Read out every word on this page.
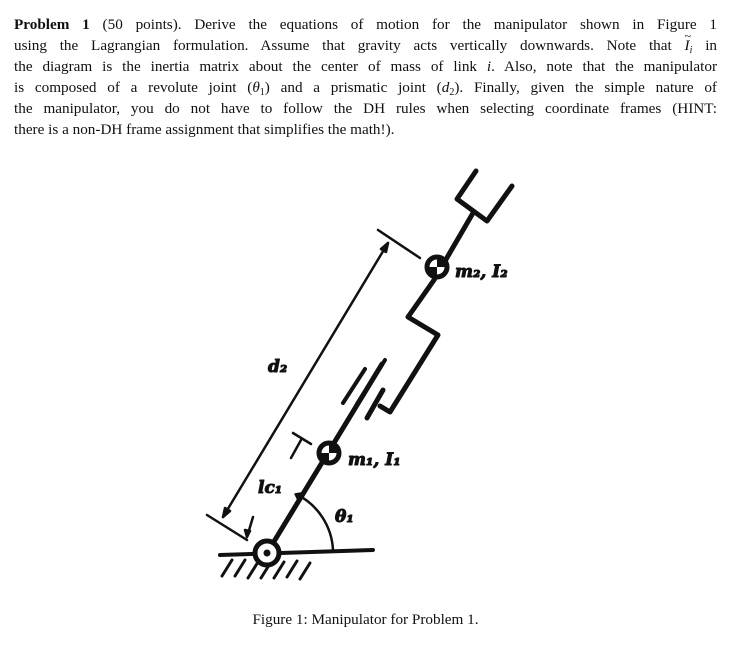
Problem 1 (50 points). Derive the equations of motion for the manipulator shown in Figure 1
using the Lagrangian formulation. Assume that gravity acts vertically downwards. Note that $I_i$ ~ in
the diagram is the inertia matrix about the center of mass of link i. Also, note that the manipulator
is composed of a revolute joint $(\theta_1)$ and a prismatic joint $(d_2)$. Finally, given the simple nature of
the manipulator, you do not have to follow the DH rules when selecting coordinate frames (HINT:
there is a non-DH frame assignment that simplifies the math!).
d₂
m₂, I₂
m₁, I₁
lc₁
θ₁
Figure 1: Manipulator for Problem 1.
